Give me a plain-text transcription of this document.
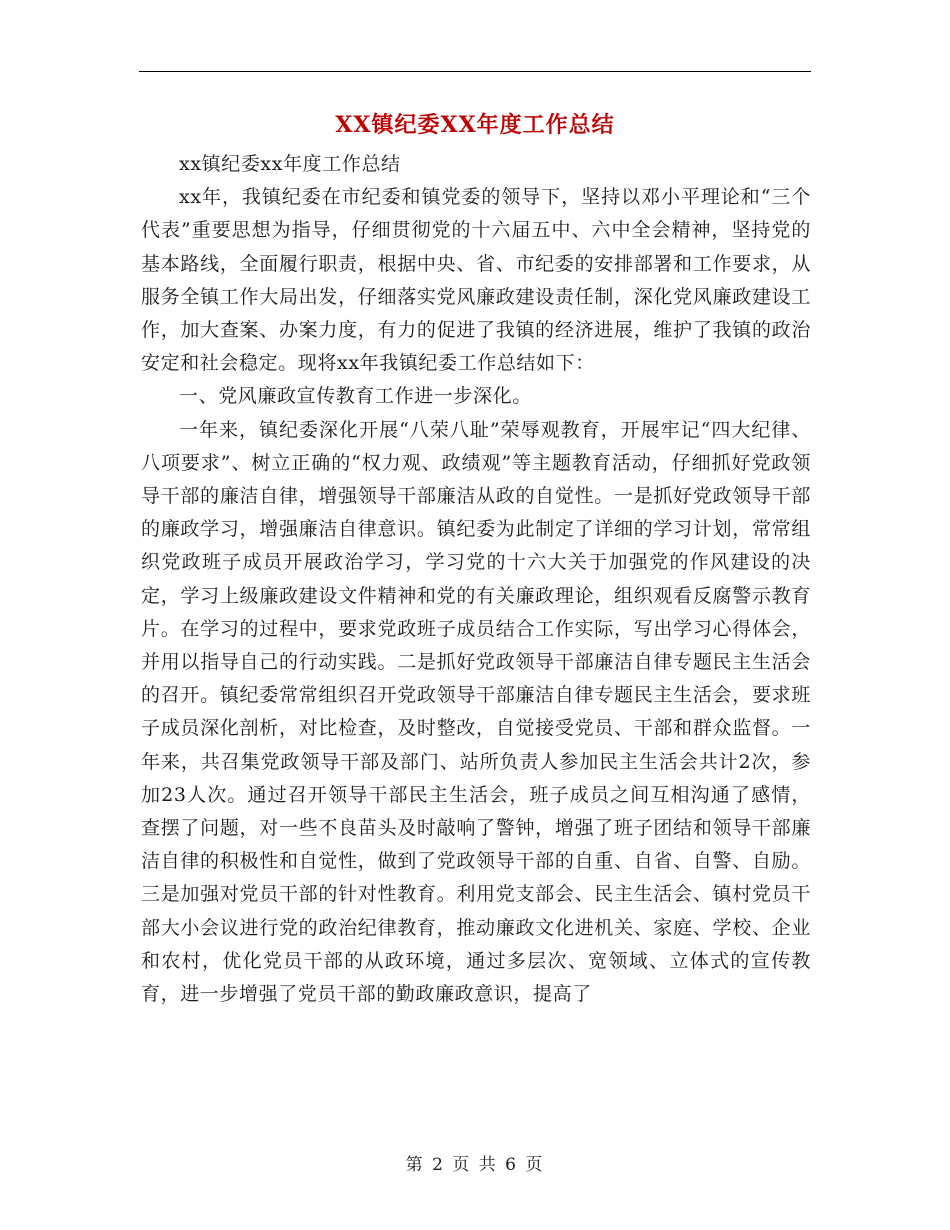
XX镇纪委XX年度工作总结

xx镇纪委xx年度工作总结

xx年，我镇纪委在市纪委和镇党委的领导下，坚持以邓小平理论和“三个代表”重要思想为指导，仔细贯彻党的十六届五中、六中全会精神，坚持党的基本路线，全面履行职责，根据中央、省、市纪委的安排部署和工作要求，从服务全镇工作大局出发，仔细落实党风廉政建设责任制，深化党风廉政建设工作，加大查案、办案力度，有力的促进了我镇的经济进展，维护了我镇的政治安定和社会稳定。现将xx年我镇纪委工作总结如下：

一、党风廉政宣传教育工作进一步深化。

一年来，镇纪委深化开展“八荣八耻”荣辱观教育，开展牢记“四大纪律、八项要求”、树立正确的“权力观、政绩观”等主题教育活动，仔细抓好党政领导干部的廉洁自律，增强领导干部廉洁从政的自觉性。一是抓好党政领导干部的廉政学习，增强廉洁自律意识。镇纪委为此制定了详细的学习计划，常常组织党政班子成员开展政治学习，学习党的十六大关于加强党的作风建设的决定，学习上级廉政建设文件精神和党的有关廉政理论，组织观看反腐警示教育片。在学习的过程中，要求党政班子成员结合工作实际，写出学习心得体会，并用以指导自己的行动实践。二是抓好党政领导干部廉洁自律专题民主生活会的召开。镇纪委常常组织召开党政领导干部廉洁自律专题民主生活会，要求班子成员深化剖析，对比检查，及时整改，自觉接受党员、干部和群众监督。一年来，共召集党政领导干部及部门、站所负责人参加民主生活会共计2次，参加23人次。通过召开领导干部民主生活会，班子成员之间互相沟通了感情，查摆了问题，对一些不良苗头及时敲响了警钟，增强了班子团结和领导干部廉洁自律的积极性和自觉性，做到了党政领导干部的自重、自省、自警、自励。三是加强对党员干部的针对性教育。利用党支部会、民主生活会、镇村党员干部大小会议进行党的政治纪律教育，推动廉政文化进机关、家庭、学校、企业和农村，优化党员干部的从政环境，通过多层次、宽领域、立体式的宣传教育，进一步增强了党员干部的勤政廉政意识，提高了

第 2 页 共 6 页
